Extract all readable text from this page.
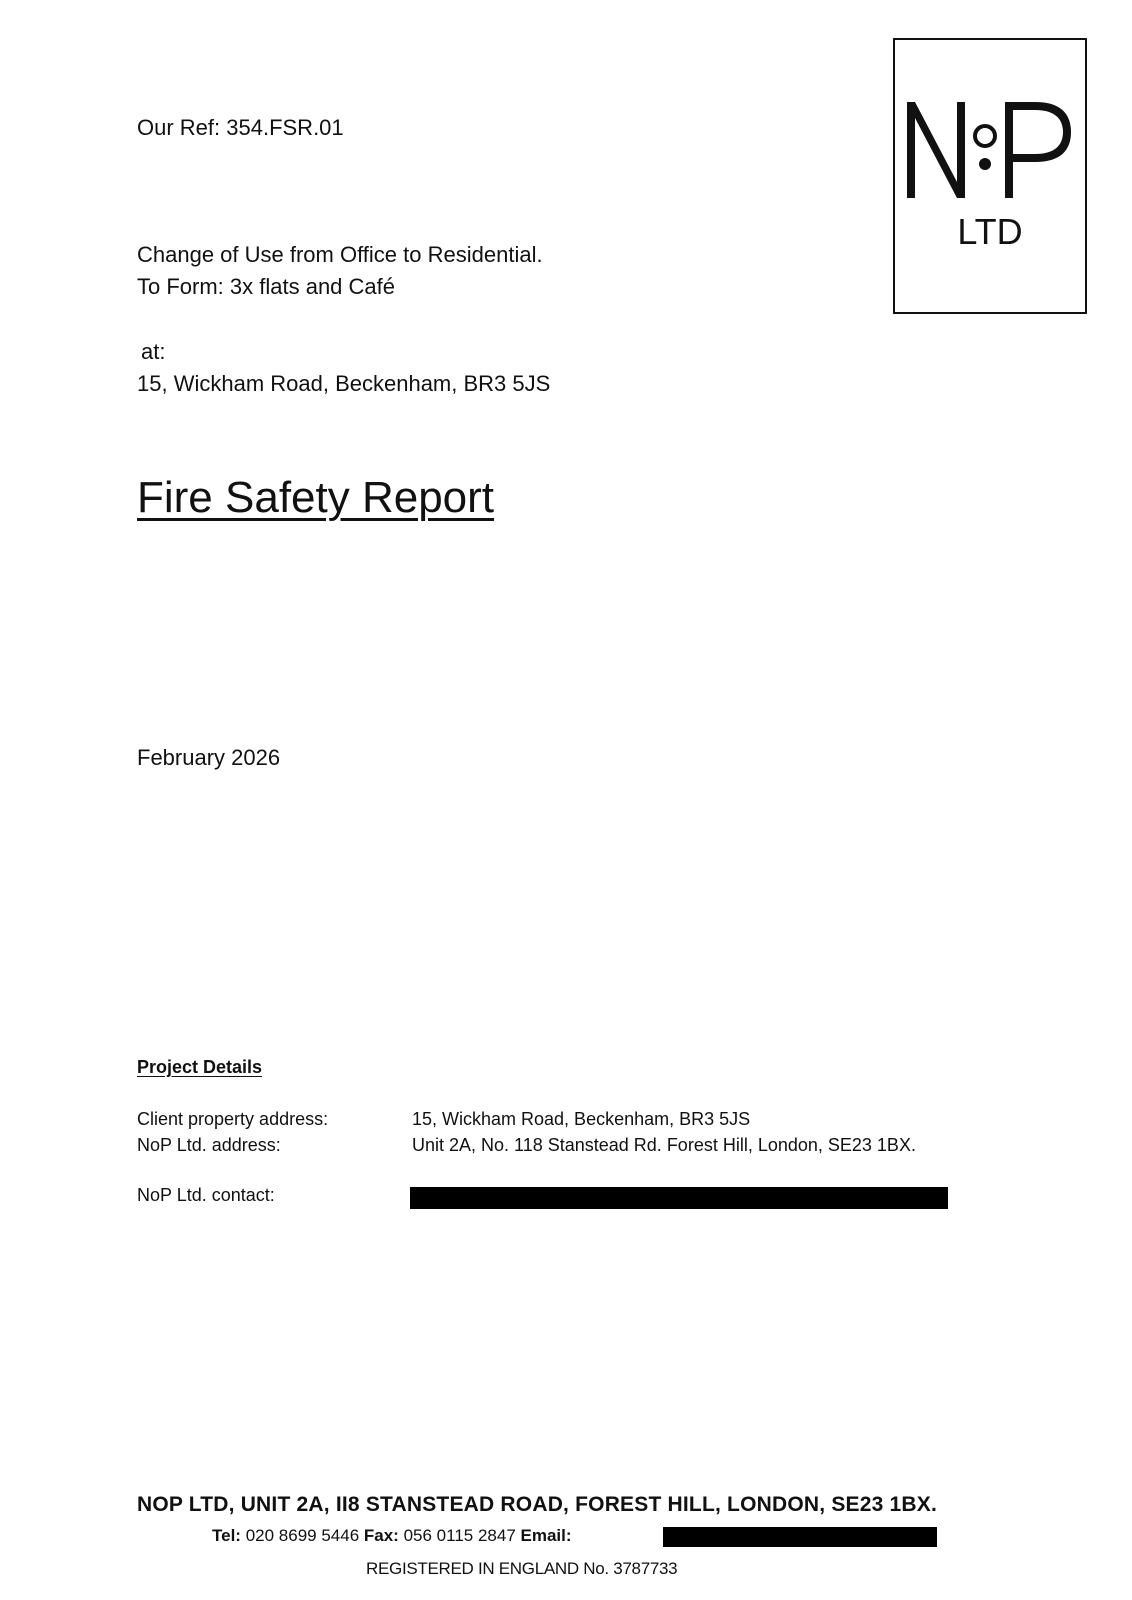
Our Ref: 354.FSR.01
LTD
Change of Use from Office to Residential.
To Form: 3x flats and Café
at:
15, Wickham Road, Beckenham, BR3 5JS
Fire Safety Report
February 2026
Project Details
Client property address:	15, Wickham Road, Beckenham, BR3 5JS
NoP Ltd. address:	Unit 2A, No. 118 Stanstead Rd. Forest Hill, London, SE23 1BX.
NoP Ltd. contact:
NOP LTD, UNIT 2A, II8 STANSTEAD ROAD, FOREST HILL, LONDON, SE23 1BX.
Tel: 020 8699 5446 Fax: 056 0115 2847 Email:
REGISTERED IN ENGLAND No. 3787733
